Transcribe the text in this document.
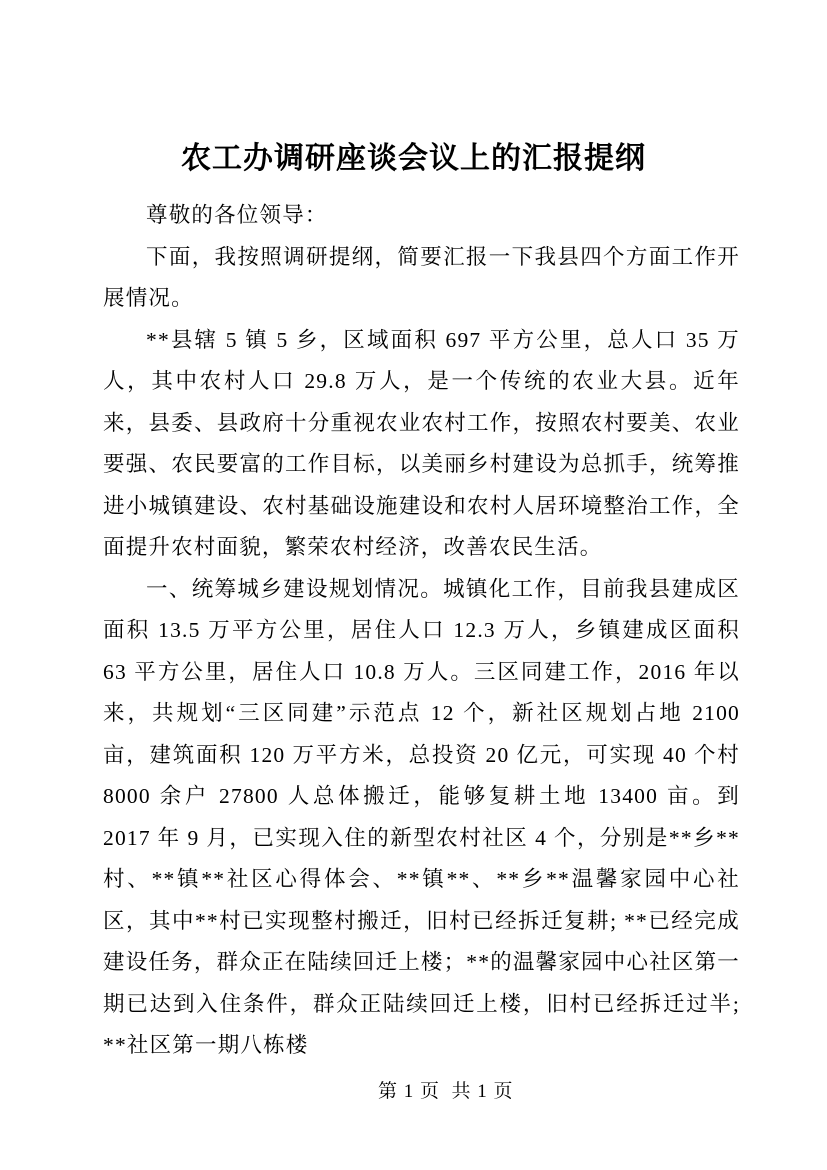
农工办调研座谈会议上的汇报提纲

尊敬的各位领导：

下面，我按照调研提纲，简要汇报一下我县四个方面工作开展情况。

**县辖 5 镇 5 乡，区域面积 697 平方公里，总人口 35 万人，其中农村人口 29.8 万人，是一个传统的农业大县。近年来，县委、县政府十分重视农业农村工作，按照农村要美、农业要强、农民要富的工作目标，以美丽乡村建设为总抓手，统筹推进小城镇建设、农村基础设施建设和农村人居环境整治工作，全面提升农村面貌，繁荣农村经济，改善农民生活。

一、统筹城乡建设规划情况。城镇化工作，目前我县建成区面积 13.5 万平方公里，居住人口 12.3 万人，乡镇建成区面积 63 平方公里，居住人口 10.8 万人。三区同建工作，2016 年以来，共规划“三区同建”示范点 12 个，新社区规划占地 2100 亩，建筑面积 120 万平方米，总投资 20 亿元，可实现 40 个村 8000 余户 27800 人总体搬迁，能够复耕土地 13400 亩。到 2017 年 9 月，已实现入住的新型农村社区 4 个，分别是**乡**村、**镇**社区心得体会、**镇**、**乡**温馨家园中心社区，其中**村已实现整村搬迁，旧村已经拆迁复耕; **已经完成建设任务，群众正在陆续回迁上楼；**的温馨家园中心社区第一期已达到入住条件，群众正陆续回迁上楼，旧村已经拆迁过半; **社区第一期八栋楼

第 1 页  共 1 页
